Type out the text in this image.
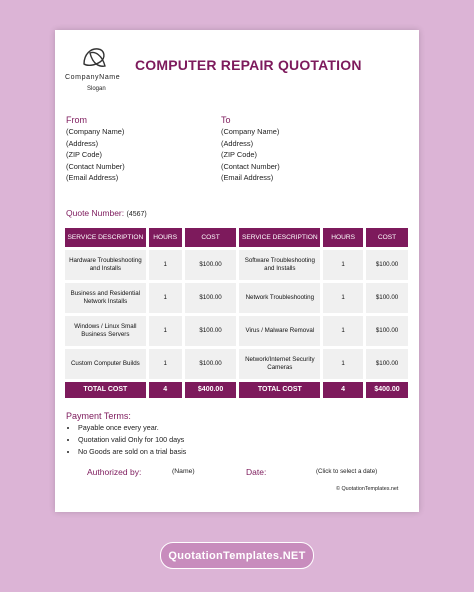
CompanyName
Slogan
COMPUTER REPAIR QUOTATION
From
(Company Name)
(Address)
(ZIP Code)
(Contact Number)
(Email Address)
To
(Company Name)
(Address)
(ZIP Code)
(Contact Number)
(Email Address)
Quote Number: (4567)
SERVICE DESCRIPTION	HOURS	COST	SERVICE DESCRIPTION	HOURS	COST
Hardware Troubleshooting and Installs	1	$100.00	Software Troubleshooting and Installs	1	$100.00
Business and Residential Network Installs	1	$100.00	Network Troubleshooting	1	$100.00
Windows / Linux Small Business Servers	1	$100.00	Virus / Malware Removal	1	$100.00
Custom Computer Builds	1	$100.00	Network/Internet Security Cameras	1	$100.00
TOTAL COST	4	$400.00	TOTAL COST	4	$400.00
Payment Terms:
• Payable once every year.
• Quotation valid Only for 100 days
• No Goods are sold on a trial basis
Authorized by:	(Name)	Date:	(Click to select a date)
© QuotationTemplates.net
QuotationTemplates.NET
